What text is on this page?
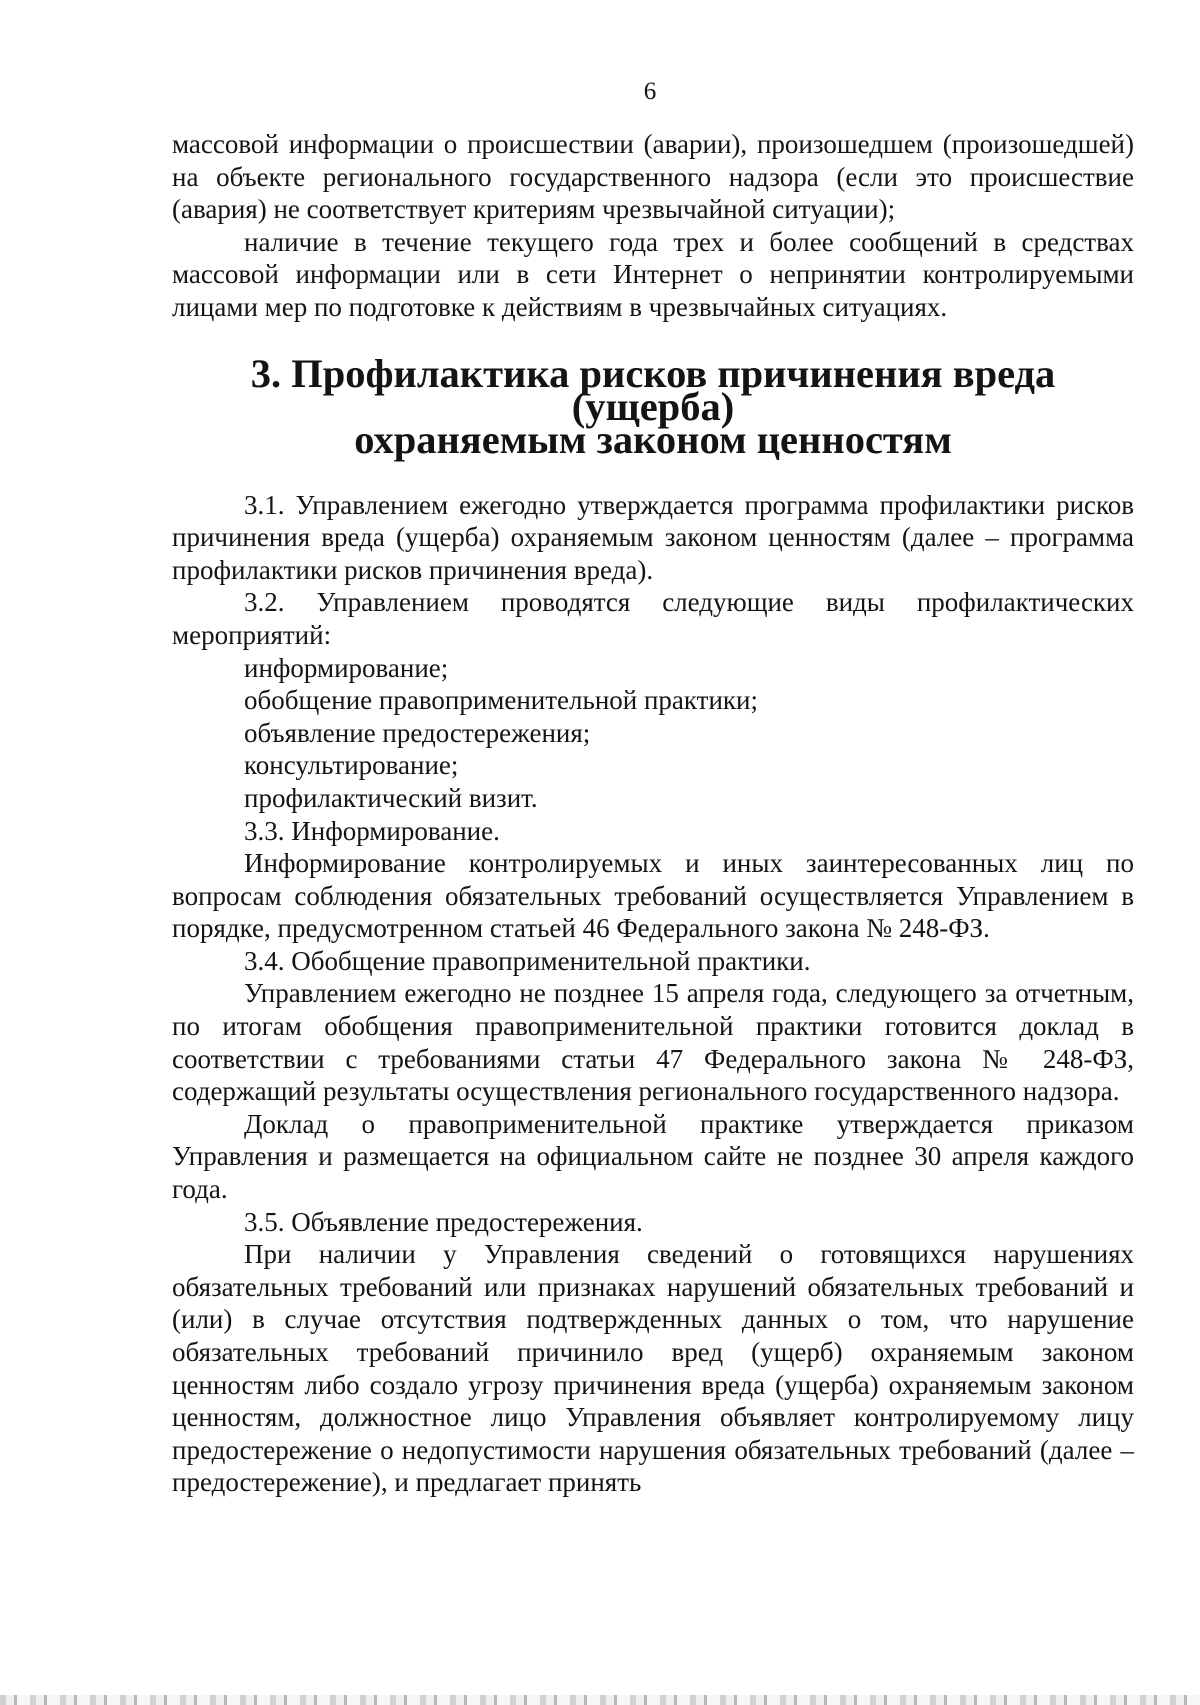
6

массовой информации о происшествии (аварии), произошедшем (произошедшей) на объекте регионального государственного надзора (если это происшествие (авария) не соответствует критериям чрезвычайной ситуации);

наличие в течение текущего года трех и более сообщений в средствах массовой информации или в сети Интернет о непринятии контролируемыми лицами мер по подготовке к действиям в чрезвычайных ситуациях.

3. Профилактика рисков причинения вреда (ущерба)
охраняемым законом ценностям

3.1. Управлением ежегодно утверждается программа профилактики рисков причинения вреда (ущерба) охраняемым законом ценностям (далее – программа профилактики рисков причинения вреда).

3.2. Управлением проводятся следующие виды профилактических мероприятий:

информирование;

обобщение правоприменительной практики;

объявление предостережения;

консультирование;

профилактический визит.

3.3. Информирование.

Информирование контролируемых и иных заинтересованных лиц по вопросам соблюдения обязательных требований осуществляется Управлением в порядке, предусмотренном статьей 46 Федерального закона № 248-ФЗ.

3.4. Обобщение правоприменительной практики.

Управлением ежегодно не позднее 15 апреля года, следующего за отчетным, по итогам обобщения правоприменительной практики готовится доклад в соответствии с требованиями статьи 47 Федерального закона № 248-ФЗ, содержащий результаты осуществления регионального государственного надзора.

Доклад о правоприменительной практике утверждается приказом Управления и размещается на официальном сайте не позднее 30 апреля каждого года.

3.5. Объявление предостережения.

При наличии у Управления сведений о готовящихся нарушениях обязательных требований или признаках нарушений обязательных требований и (или) в случае отсутствия подтвержденных данных о том, что нарушение обязательных требований причинило вред (ущерб) охраняемым законом ценностям либо создало угрозу причинения вреда (ущерба) охраняемым законом ценностям, должностное лицо Управления объявляет контролируемому лицу предостережение о недопустимости нарушения обязательных требований (далее – предостережение), и предлагает принять
